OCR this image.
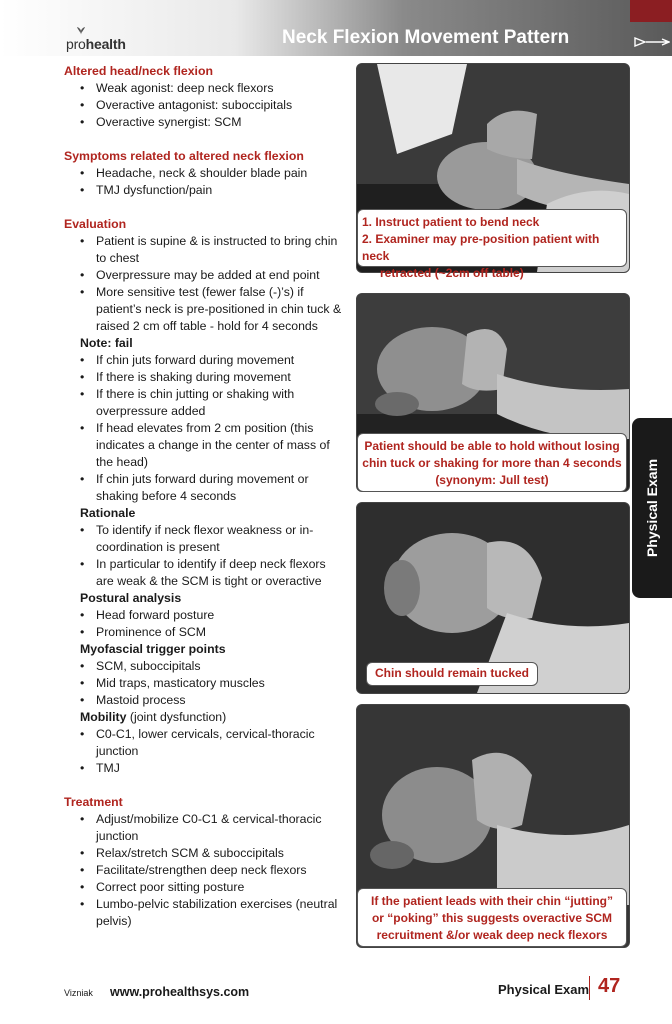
prohealth	Neck Flexion Movement Pattern
Altered head/neck flexion
• Weak agonist: deep neck flexors
• Overactive antagonist: suboccipitals
• Overactive synergist: SCM
Symptoms related to altered neck flexion
• Headache, neck & shoulder blade pain
• TMJ dysfunction/pain
Evaluation
• Patient is supine & is instructed to bring chin to chest
• Overpressure may be added at end point
• More sensitive test (fewer false (-)’s) if patient’s neck is pre-positioned in chin tuck & raised 2 cm off table - hold for 4 seconds
Note: fail
• If chin juts forward during movement
• If there is shaking during movement
• If there is chin jutting or shaking with overpressure added
• If head elevates from 2 cm position (this indicates a change in the center of mass of the head)
• If chin juts forward during movement or shaking before 4 seconds
Rationale
• To identify if neck flexor weakness or in-coordination is present
• In particular to identify if deep neck flexors are weak & the SCM is tight or overactive
Postural analysis
• Head forward posture
• Prominence of SCM
Myofascial trigger points
• SCM, suboccipitals
• Mid traps, masticatory muscles
• Mastoid process
Mobility (joint dysfunction)
• C0-C1, lower cervicals, cervical-thoracic junction
• TMJ
Treatment
• Adjust/mobilize C0-C1 & cervical-thoracic junction
• Relax/stretch SCM & suboccipitals
• Facilitate/strengthen deep neck flexors
• Correct poor sitting posture
• Lumbo-pelvic stabilization exercises (neutral pelvis)
1. Instruct patient to bend neck
2. Examiner may pre-position patient with neck
retracted (~2cm off table)
Patient should be able to hold without losing
chin tuck or shaking for more than 4 seconds
(synonym: Jull test)
Chin should remain tucked
If the patient leads with their chin “jutting”
or “poking” this suggests overactive SCM
recruitment &/or weak deep neck flexors
Physical Exam
Vizniak www.prohealthsys.com	Physical Exam 47
